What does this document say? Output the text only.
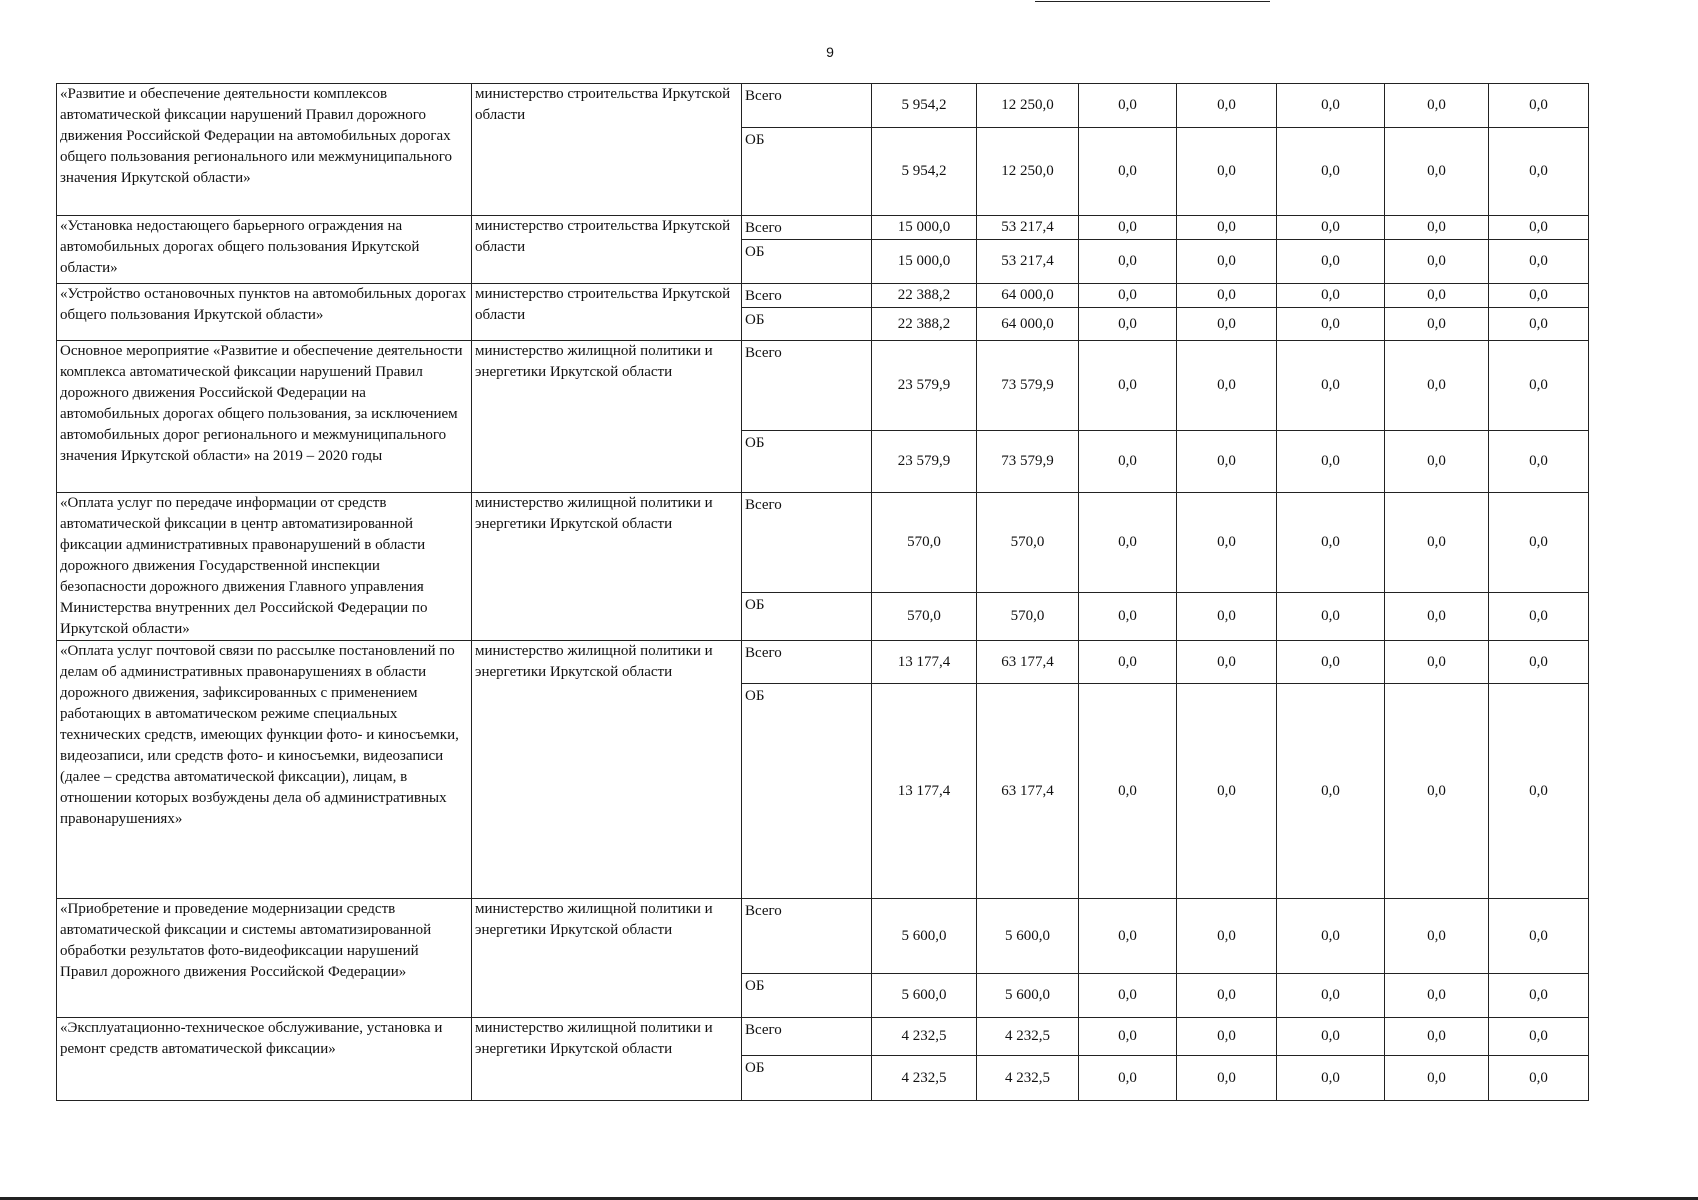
9
«Развитие и обеспечение деятельности комплексов автоматической фиксации нарушений Правил дорожного движения Российской Федерации на автомобильных дорогах общего пользования регионального или межмуниципального значения Иркутской области»	министерство строительства Иркутской области	Всего	5 954,2	12 250,0	0,0	0,0	0,0	0,0	0,0
		ОБ	5 954,2	12 250,0	0,0	0,0	0,0	0,0	0,0
«Установка недостающего барьерного ограждения на автомобильных дорогах общего пользования Иркутской области»	министерство строительства Иркутской области	Всего	15 000,0	53 217,4	0,0	0,0	0,0	0,0	0,0
		ОБ	15 000,0	53 217,4	0,0	0,0	0,0	0,0	0,0
«Устройство остановочных пунктов на автомобильных дорогах общего пользования Иркутской области»	министерство строительства Иркутской области	Всего	22 388,2	64 000,0	0,0	0,0	0,0	0,0	0,0
		ОБ	22 388,2	64 000,0	0,0	0,0	0,0	0,0	0,0
Основное мероприятие «Развитие и обеспечение деятельности комплекса автоматической фиксации нарушений Правил дорожного движения Российской Федерации на автомобильных дорогах общего пользования, за исключением автомобильных дорог регионального и межмуниципального значения Иркутской области» на 2019 – 2020 годы	министерство жилищной политики и энергетики Иркутской области	Всего	23 579,9	73 579,9	0,0	0,0	0,0	0,0	0,0
		ОБ	23 579,9	73 579,9	0,0	0,0	0,0	0,0	0,0
«Оплата услуг по передаче информации от средств автоматической фиксации в центр автоматизированной фиксации административных правонарушений в области дорожного движения Государственной инспекции безопасности дорожного движения Главного управления Министерства внутренних дел Российской Федерации по Иркутской области»	министерство жилищной политики и энергетики Иркутской области	Всего	570,0	570,0	0,0	0,0	0,0	0,0	0,0
		ОБ	570,0	570,0	0,0	0,0	0,0	0,0	0,0
«Оплата услуг почтовой связи по рассылке постановлений по делам об административных правонарушениях в области дорожного движения, зафиксированных с применением работающих в автоматическом режиме специальных технических средств, имеющих функции фото- и киносъемки, видеозаписи, или средств фото- и киносъемки, видеозаписи (далее – средства автоматической фиксации), лицам, в отношении которых возбуждены дела об административных правонарушениях»	министерство жилищной политики и энергетики Иркутской области	Всего	13 177,4	63 177,4	0,0	0,0	0,0	0,0	0,0
		ОБ	13 177,4	63 177,4	0,0	0,0	0,0	0,0	0,0
«Приобретение и проведение модернизации средств автоматической фиксации и системы автоматизированной обработки результатов фото-видеофиксации нарушений Правил дорожного движения Российской Федерации»	министерство жилищной политики и энергетики Иркутской области	Всего	5 600,0	5 600,0	0,0	0,0	0,0	0,0	0,0
		ОБ	5 600,0	5 600,0	0,0	0,0	0,0	0,0	0,0
«Эксплуатационно-техническое обслуживание, установка и ремонт средств автоматической фиксации»	министерство жилищной политики и энергетики Иркутской области	Всего	4 232,5	4 232,5	0,0	0,0	0,0	0,0	0,0
		ОБ	4 232,5	4 232,5	0,0	0,0	0,0	0,0	0,0
